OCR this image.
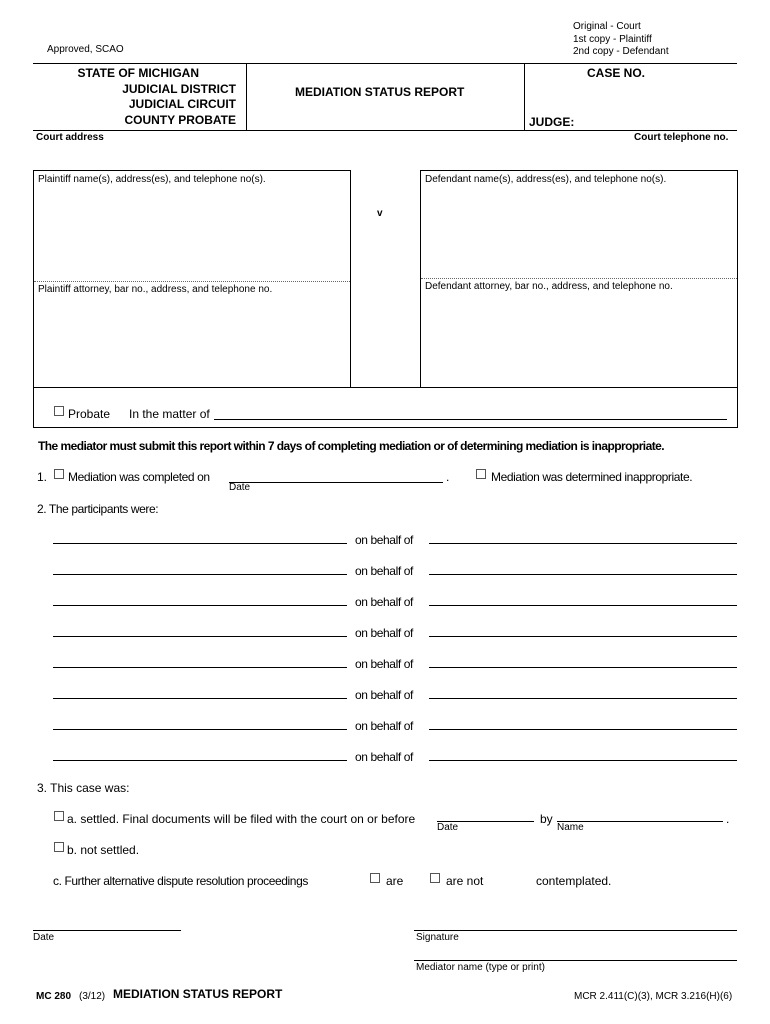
Approved, SCAO
Original - Court
1st copy - Plaintiff
2nd copy - Defendant
STATE OF MICHIGAN
JUDICIAL DISTRICT
JUDICIAL CIRCUIT
COUNTY PROBATE
MEDIATION STATUS REPORT
CASE NO.
JUDGE:
Court address	Court telephone no.
Plaintiff name(s), address(es), and telephone no(s).
v
Defendant name(s), address(es), and telephone no(s).
Plaintiff attorney, bar no., address, and telephone no.	Defendant attorney, bar no., address, and telephone no.
Probate In the matter of
The mediator must submit this report within 7 days of completing mediation or of determining mediation is inappropriate.
1. Mediation was completed on
Date
.	Mediation was determined inappropriate.
2. The participants were:
on behalf of
on behalf of
on behalf of
on behalf of
on behalf of
on behalf of
on behalf of
on behalf of
3. This case was:
a. settled. Final documents will be filed with the court on or before
Date
by
Name
.
b. not settled.
c. Further alternative dispute resolution proceedings	are	are not	contemplated.
Date	Signature
Mediator name (type or print)
MC 280 (3/12) MEDIATION STATUS REPORT	MCR 2.411(C)(3), MCR 3.216(H)(6)
